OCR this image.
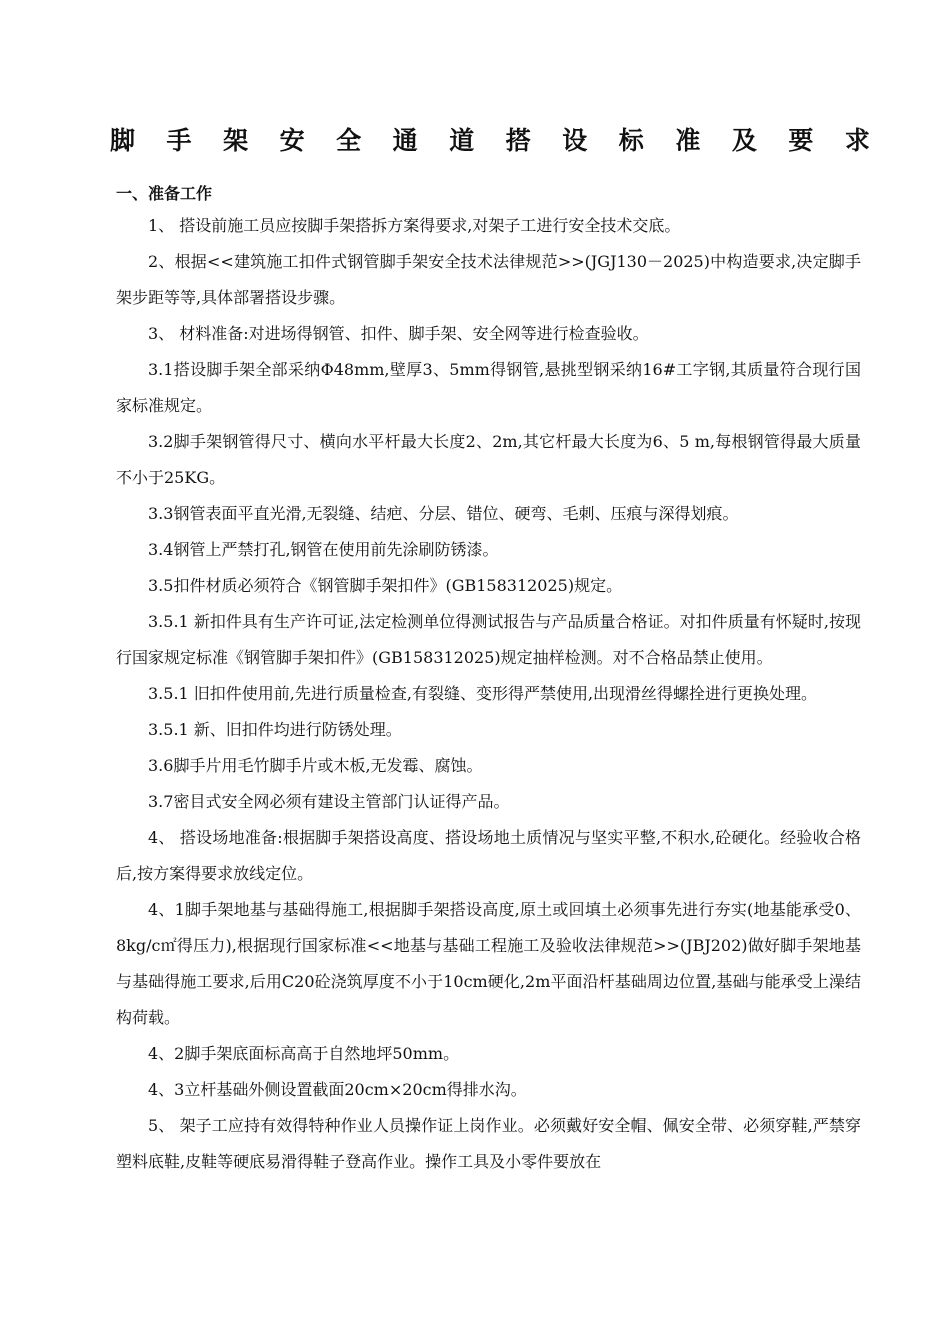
脚 手 架 安 全 通 道 搭 设 标 准 及 要 求
一、准备工作

1、 搭设前施工员应按脚手架搭拆方案得要求,对架子工进行安全技术交底。

2、根据<<建筑施工扣件式钢管脚手架安全技术法律规范>>(JGJ130－2025)中构造要求,决定脚手架步距等等,具体部署搭设步骤。

3、 材料准备:对进场得钢管、扣件、脚手架、安全网等进行检查验收。

3.1搭设脚手架全部采纳Φ48mm,壁厚3、5mm得钢管,悬挑型钢采纳16#工字钢,其质量符合现行国家标准规定。

3.2脚手架钢管得尺寸、横向水平杆最大长度2、2m,其它杆最大长度为6、5 m,每根钢管得最大质量不小于25KG。

3.3钢管表面平直光滑,无裂缝、结疤、分层、错位、硬弯、毛刺、压痕与深得划痕。

3.4钢管上严禁打孔,钢管在使用前先涂刷防锈漆。

3.5扣件材质必须符合《钢管脚手架扣件》(GB158312025)规定。

3.5.1 新扣件具有生产许可证,法定检测单位得测试报告与产品质量合格证。对扣件质量有怀疑时,按现行国家规定标准《钢管脚手架扣件》(GB158312025)规定抽样检测。对不合格品禁止使用。

3.5.1 旧扣件使用前,先进行质量检查,有裂缝、变形得严禁使用,出现滑丝得螺拴进行更换处理。

3.5.1 新、旧扣件均进行防锈处理。

3.6脚手片用毛竹脚手片或木板,无发霉、腐蚀。

3.7密目式安全网必须有建设主管部门认证得产品。

4、 搭设场地准备:根据脚手架搭设高度、搭设场地土质情况与坚实平整,不积水,砼硬化。经验收合格后,按方案得要求放线定位。

4、1脚手架地基与基础得施工,根据脚手架搭设高度,原土或回填土必须事先进行夯实(地基能承受0、8kg/c㎡得压力),根据现行国家标准<<地基与基础工程施工及验收法律规范>>(JBJ202)做好脚手架地基与基础得施工要求,后用C20砼浇筑厚度不小于10cm硬化,2m平面沿杆基础周边位置,基础与能承受上澡结构荷载。

4、2脚手架底面标高高于自然地坪50mm。

4、3立杆基础外侧设置截面20cm×20cm得排水沟。

5、 架子工应持有效得特种作业人员操作证上岗作业。必须戴好安全帽、佩安全带、必须穿鞋,严禁穿塑料底鞋,皮鞋等硬底易滑得鞋子登高作业。操作工具及小零件要放在
